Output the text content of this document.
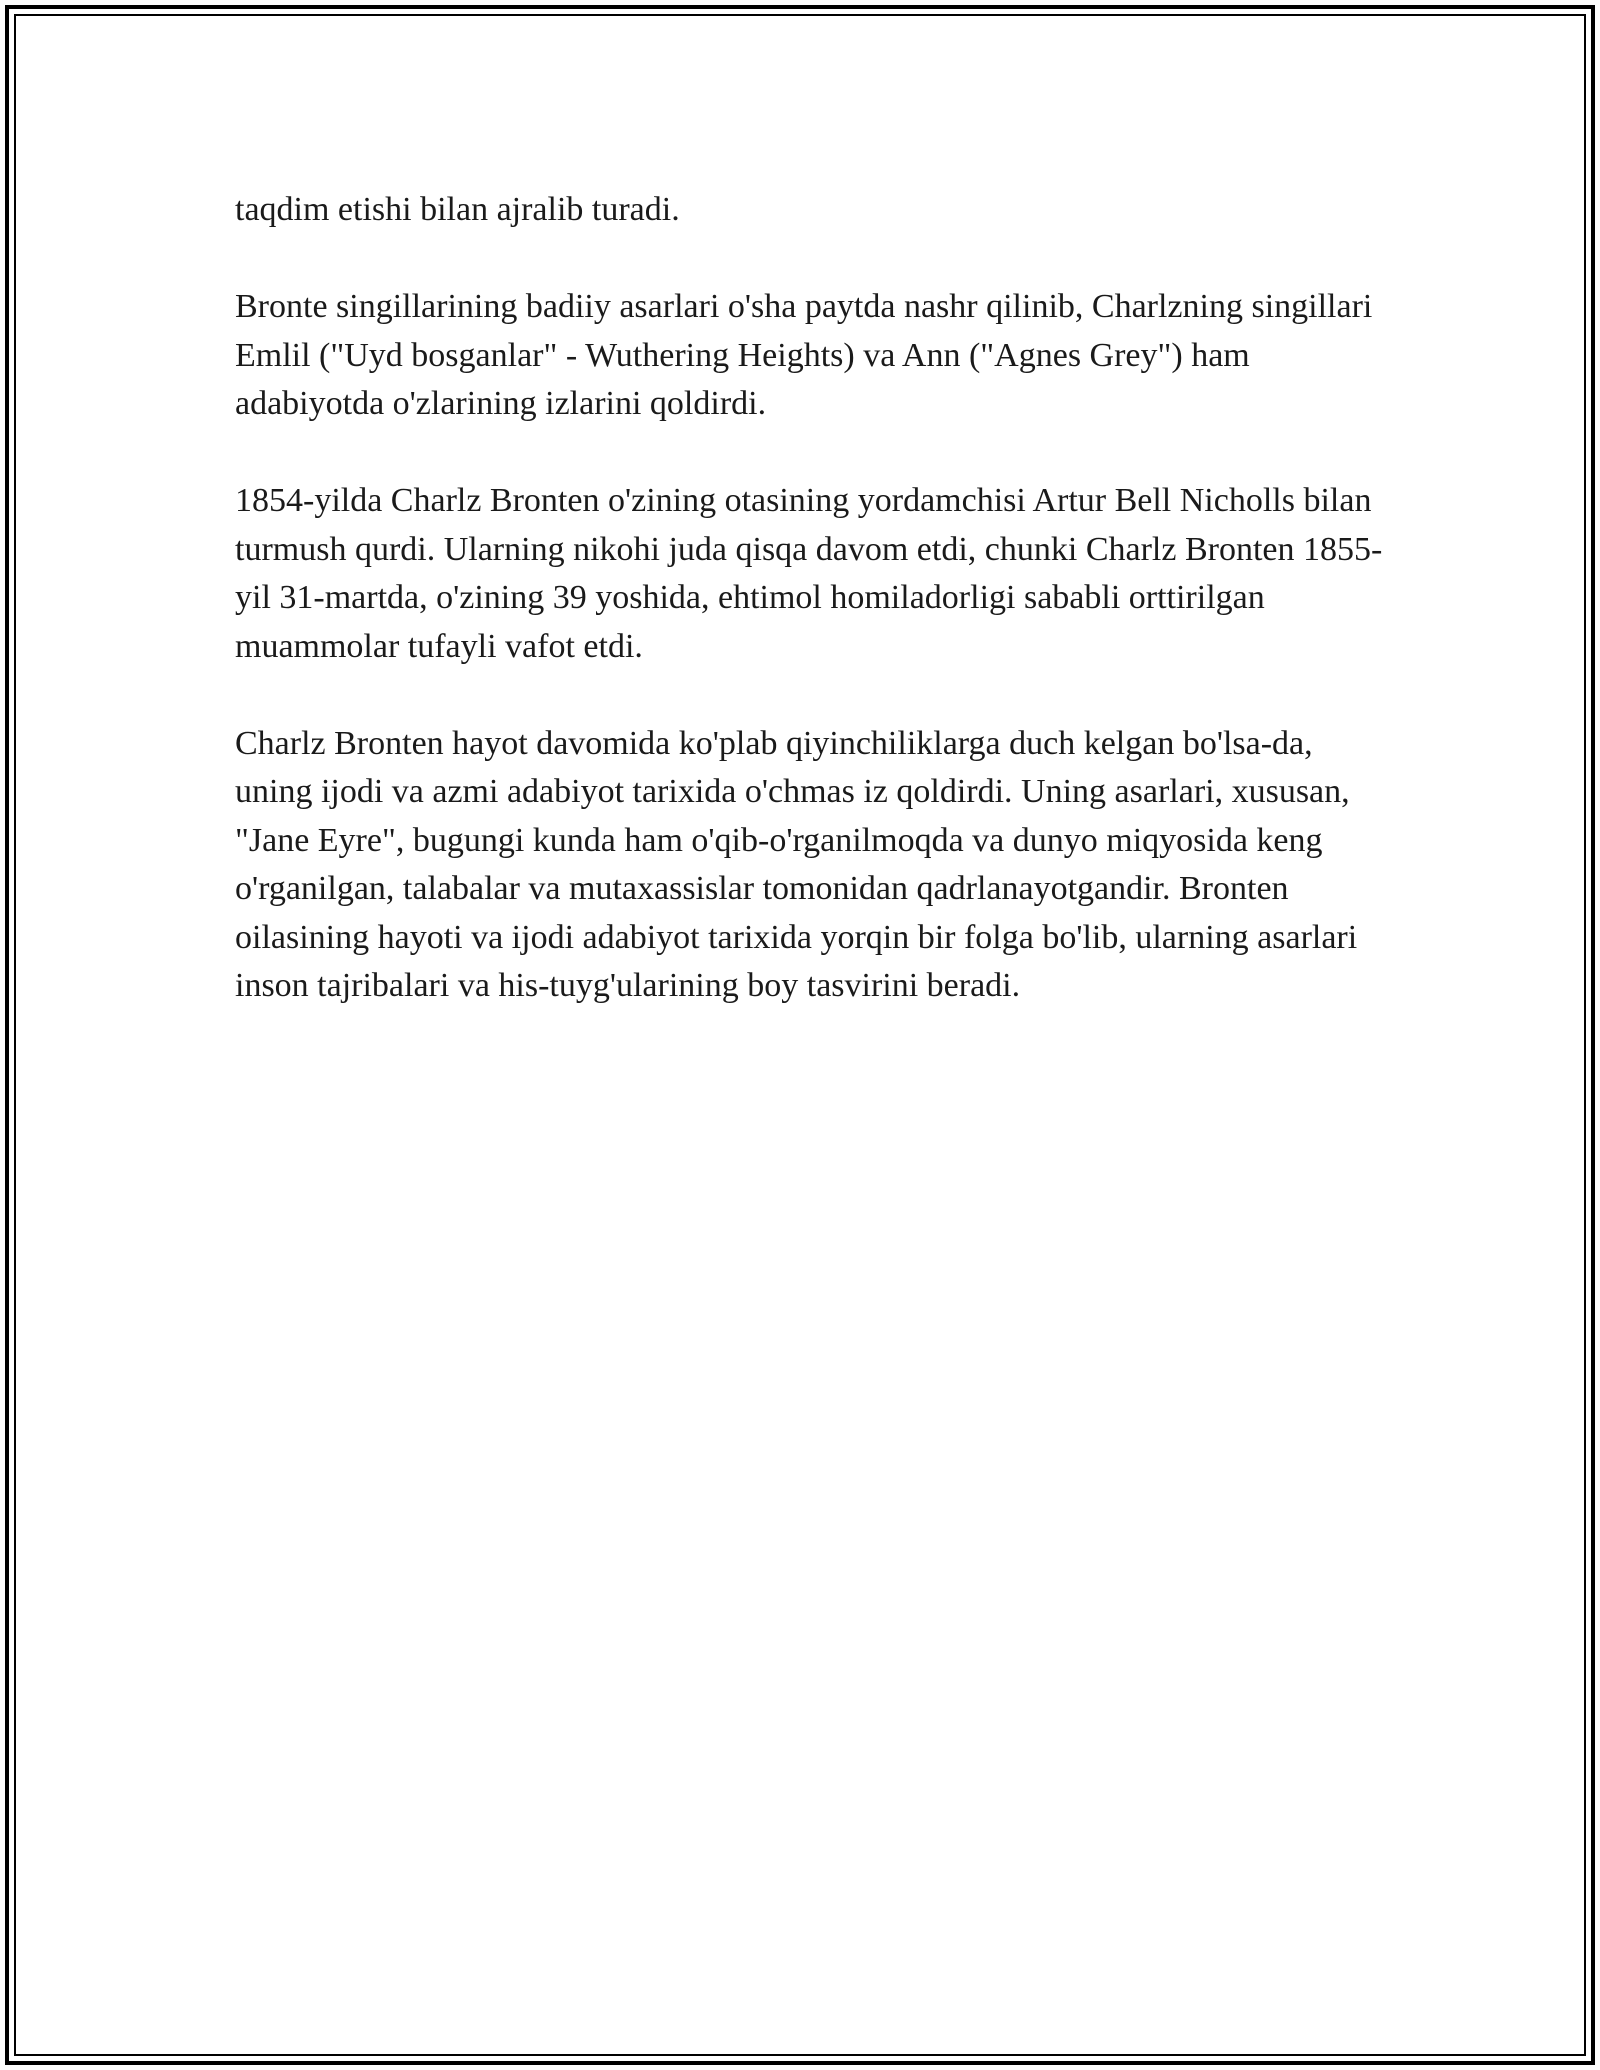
taqdim etishi bilan ajralib turadi.

Bronte singillarining badiiy asarlari o'sha paytda nashr qilinib, Charlzning singillari Emlil ("Uyd bosganlar" - Wuthering Heights) va Ann ("Agnes Grey") ham adabiyotda o'zlarining izlarini qoldirdi.

1854-yilda Charlz Bronten o'zining otasining yordamchisi Artur Bell Nicholls bilan turmush qurdi. Ularning nikohi juda qisqa davom etdi, chunki Charlz Bronten 1855-yil 31-martda, o'zining 39 yoshida, ehtimol homiladorligi sababli orttirilgan muammolar tufayli vafot etdi.

Charlz Bronten hayot davomida ko'plab qiyinchiliklarga duch kelgan bo'lsa-da, uning ijodi va azmi adabiyot tarixida o'chmas iz qoldirdi. Uning asarlari, xususan, "Jane Eyre", bugungi kunda ham o'qib-o'rganilmoqda va dunyo miqyosida keng o'rganilgan, talabalar va mutaxassislar tomonidan qadrlanayotgandir. Bronten oilasining hayoti va ijodi adabiyot tarixida yorqin bir folga bo'lib, ularning asarlari inson tajribalari va his-tuyg'ularining boy tasvirini beradi.
